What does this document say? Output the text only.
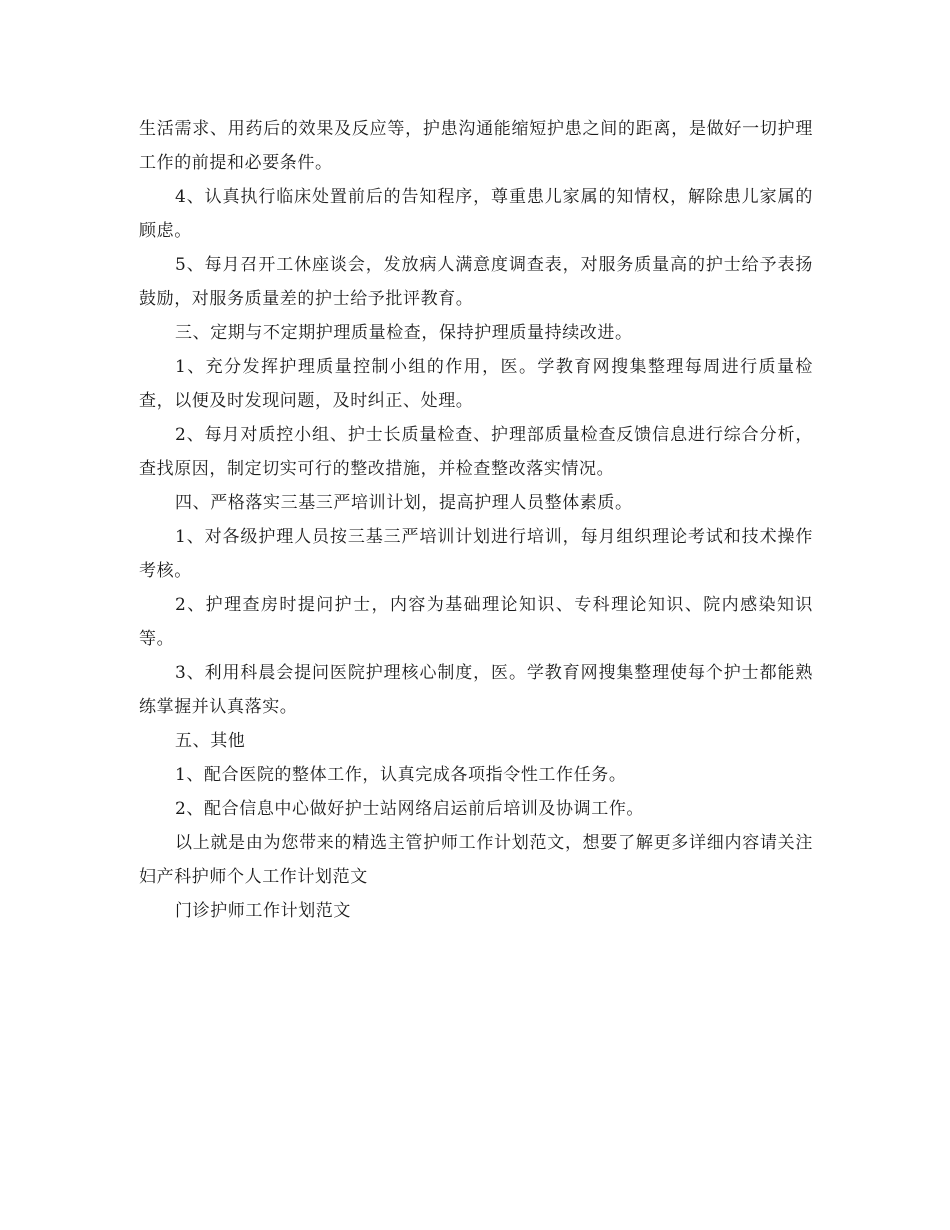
生活需求、用药后的效果及反应等，护患沟通能缩短护患之间的距离，是做好一切护理工作的前提和必要条件。

4、认真执行临床处置前后的告知程序，尊重患儿家属的知情权，解除患儿家属的顾虑。

5、每月召开工休座谈会，发放病人满意度调查表，对服务质量高的护士给予表扬鼓励，对服务质量差的护士给予批评教育。

三、定期与不定期护理质量检查，保持护理质量持续改进。

1、充分发挥护理质量控制小组的作用，医。学教育网搜集整理每周进行质量检查，以便及时发现问题，及时纠正、处理。

2、每月对质控小组、护士长质量检查、护理部质量检查反馈信息进行综合分析，查找原因，制定切实可行的整改措施，并检查整改落实情况。

四、严格落实三基三严培训计划，提高护理人员整体素质。

1、对各级护理人员按三基三严培训计划进行培训，每月组织理论考试和技术操作考核。

2、护理查房时提问护士，内容为基础理论知识、专科理论知识、院内感染知识等。

3、利用科晨会提问医院护理核心制度，医。学教育网搜集整理使每个护士都能熟练掌握并认真落实。

五、其他

1、配合医院的整体工作，认真完成各项指令性工作任务。

2、配合信息中心做好护士站网络启运前后培训及协调工作。

以上就是由为您带来的精选主管护师工作计划范文，想要了解更多详细内容请关注妇产科护师个人工作计划范文

门诊护师工作计划范文
